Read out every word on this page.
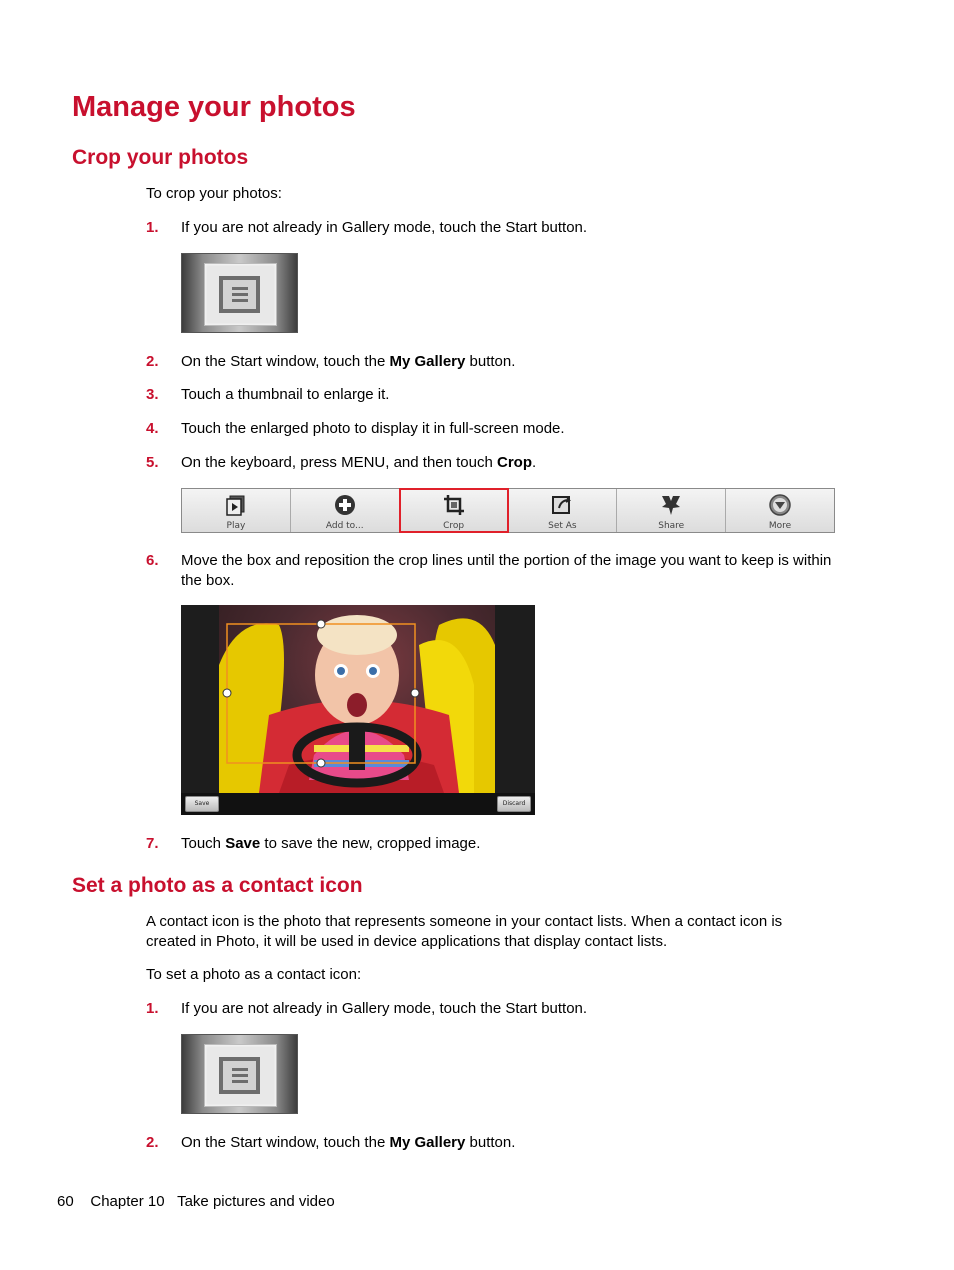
Manage your photos
Crop your photos

To crop your photos:

1. If you are not already in Gallery mode, touch the Start button.
2. On the Start window, touch the My Gallery button.
3. Touch a thumbnail to enlarge it.
4. Touch the enlarged photo to display it in full-screen mode.
5. On the keyboard, press MENU, and then touch Crop.
Play	Add to...	Crop	Set As	Share	More
6. Move the box and reposition the crop lines until the portion of the image you want to keep is within the box.
Save	Discard
7. Touch Save to save the new, cropped image.
Set a photo as a contact icon

A contact icon is the photo that represents someone in your contact lists. When a contact icon is created in Photo, it will be used in device applications that display contact lists.

To set a photo as a contact icon:

1. If you are not already in Gallery mode, touch the Start button.
2. On the Start window, touch the My Gallery button.
60 Chapter 10 Take pictures and video
